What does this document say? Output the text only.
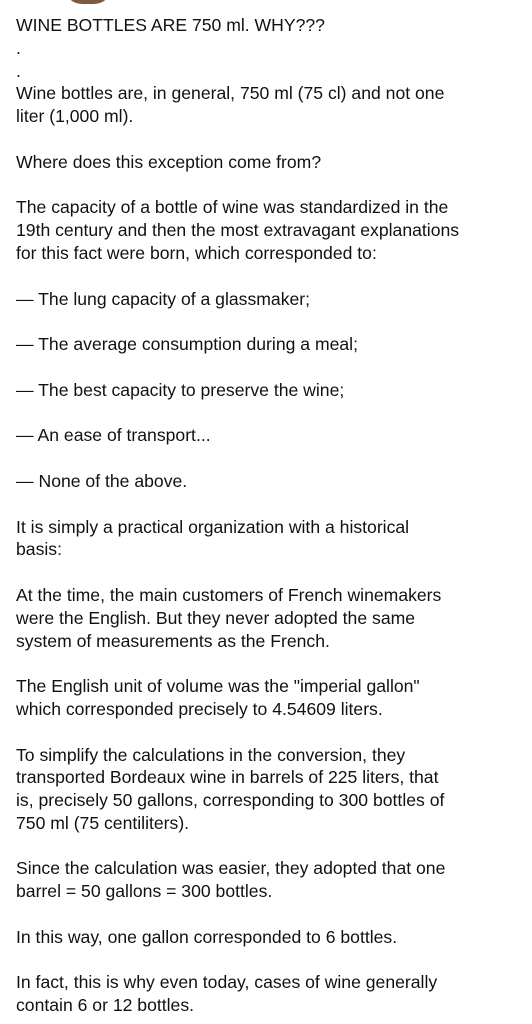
WINE BOTTLES ARE 750 ml. WHY???
.
.
Wine bottles are, in general, 750 ml (75 cl) and not one
liter (1,000 ml).
Where does this exception come from?
The capacity of a bottle of wine was standardized in the
19th century and then the most extravagant explanations
for this fact were born, which corresponded to:
— The lung capacity of a glassmaker;
— The average consumption during a meal;
— The best capacity to preserve the wine;
— An ease of transport...
— None of the above.
It is simply a practical organization with a historical
basis:
At the time, the main customers of French winemakers
were the English. But they never adopted the same
system of measurements as the French.
The English unit of volume was the "imperial gallon"
which corresponded precisely to 4.54609 liters.
To simplify the calculations in the conversion, they
transported Bordeaux wine in barrels of 225 liters, that
is, precisely 50 gallons, corresponding to 300 bottles of
750 ml (75 centiliters).
Since the calculation was easier, they adopted that one
barrel = 50 gallons = 300 bottles.
In this way, one gallon corresponded to 6 bottles.
In fact, this is why even today, cases of wine generally
contain 6 or 12 bottles.
